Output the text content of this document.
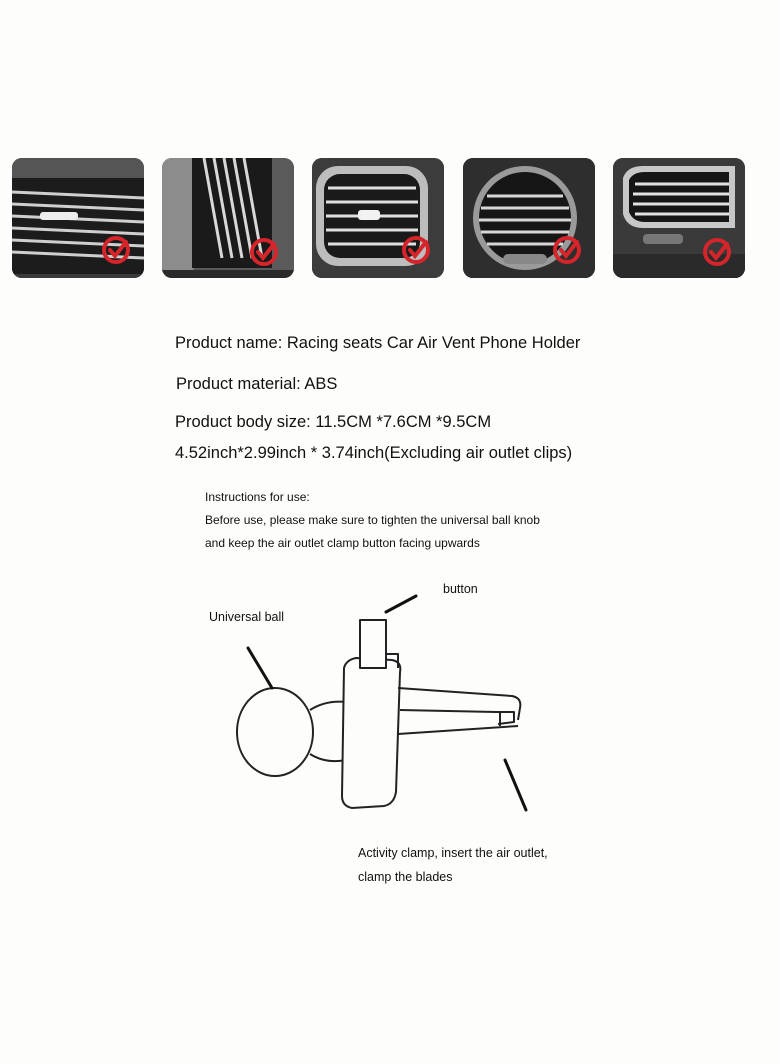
Product name: Racing seats Car Air Vent Phone Holder
Product material: ABS
Product body size: 11.5CM *7.6CM *9.5CM
4.52inch*2.99inch * 3.74inch(Excluding air outlet clips)
Instructions for use:
Before use, please make sure to tighten the universal ball knob
and keep the air outlet clamp button facing upwards
button
Universal ball
Activity clamp, insert the air outlet,
clamp the blades
